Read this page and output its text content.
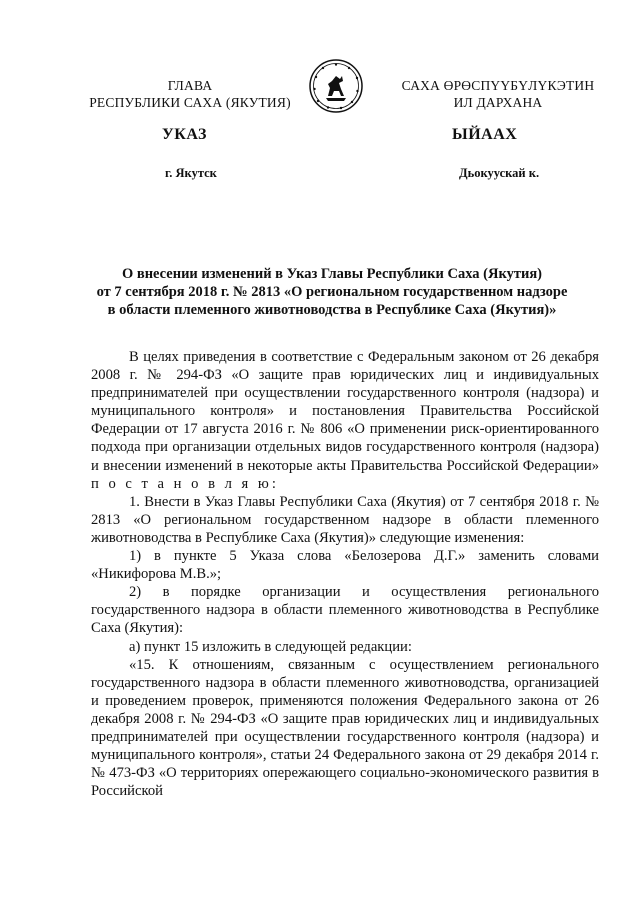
ГЛАВА
РЕСПУБЛИКИ САХА (ЯКУТИЯ)
САХА ӨРӨСПҮҮБҮЛҮКЭТИН
ИЛ ДАРХАНА
УКАЗ	ЫЙААХ
г. Якутск	Дьокуускай к.
О внесении изменений в Указ Главы Республики Саха (Якутия)
от 7 сентября 2018 г. № 2813 «О региональном государственном надзоре
в области племенного животноводства в Республике Саха (Якутия)»

В целях приведения в соответствие с Федеральным законом от 26 декабря 2008 г. № 294-ФЗ «О защите прав юридических лиц и индивидуальных предпринимателей при осуществлении государственного контроля (надзора) и муниципального контроля» и постановления Правительства Российской Федерации от 17 августа 2016 г. № 806 «О применении риск-ориентированного подхода при организации отдельных видов государственного контроля (надзора) и внесении изменений в некоторые акты Правительства Российской Федерации» п о с т а н о в л я ю:

1. Внести в Указ Главы Республики Саха (Якутия) от 7 сентября 2018 г. № 2813 «О региональном государственном надзоре в области племенного животноводства в Республике Саха (Якутия)» следующие изменения:

1) в пункте 5 Указа слова «Белозерова Д.Г.» заменить словами «Никифорова М.В.»;

2) в порядке организации и осуществления регионального государственного надзора в области племенного животноводства в Республике Саха (Якутия):

а) пункт 15 изложить в следующей редакции:

«15. К отношениям, связанным с осуществлением регионального государственного надзора в области племенного животноводства, организацией и проведением проверок, применяются положения Федерального закона от 26 декабря 2008 г. № 294-ФЗ «О защите прав юридических лиц и индивидуальных предпринимателей при осуществлении государственного контроля (надзора) и муниципального контроля», статьи 24 Федерального закона от 29 декабря 2014 г. № 473-ФЗ «О территориях опережающего социально-экономического развития в Российской
